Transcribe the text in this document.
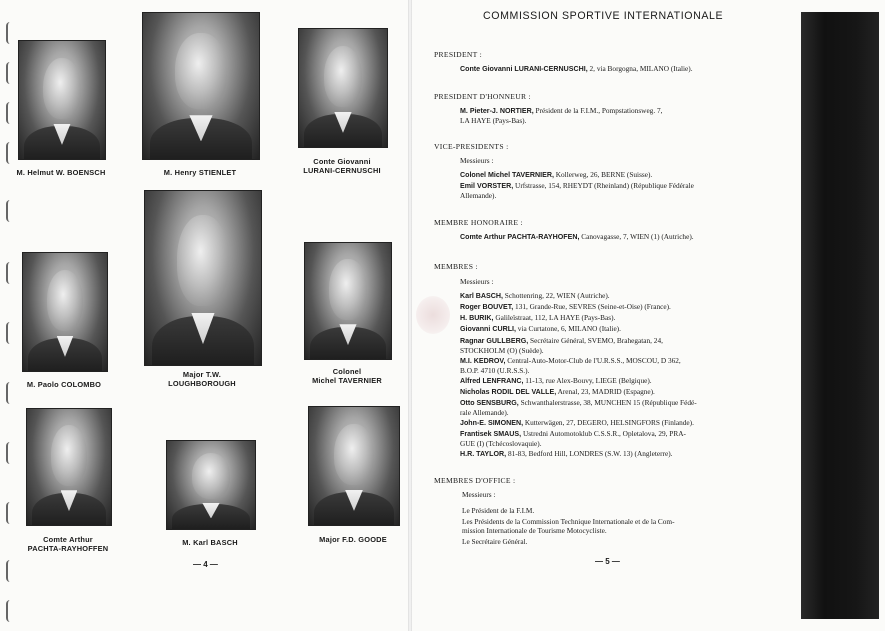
M. Helmut W. BOENSCH	M. Henry STIENLET
Conte Giovanni
LURANI-CERNUSCHI
M. Paolo COLOMBO
Major T.W.
LOUGHBOROUGH
Colonel
Michel TAVERNIER
Comte Arthur
PACHTA-RAYHOFFEN
M. Karl BASCH	Major F.D. GOODE
— 4 —
COMMISSION SPORTIVE INTERNATIONALE
PRESIDENT :
Conte Giovanni LURANI-CERNUSCHI, 2, via Borgogna, MILANO (Italie).
PRESIDENT D'HONNEUR :
M. Pieter-J. NORTIER, Président de la F.I.M., Pompstationsweg. 7,
LA HAYE (Pays-Bas).
VICE-PRESIDENTS :
Messieurs :
Colonel Michel TAVERNIER, Kollerweg, 26, BERNE (Suisse).
Emil VORSTER, Urfstrasse, 154, RHEYDT (Rheinland) (République Fédérale
Allemande).
MEMBRE HONORAIRE :
Comte Arthur PACHTA-RAYHOFEN, Canovagasse, 7, WIEN (1) (Autriche).
MEMBRES :
Messieurs :
Karl BASCH, Schottenring, 22, WIEN (Autriche).
Roger BOUVET, 131, Grande-Rue, SEVRES (Seine-et-Oise) (France).
H. BURIK, Galileïstraat, 112, LA HAYE (Pays-Bas).
Giovanni CURLI, via Curtatone, 6, MILANO (Italie).
Ragnar GULLBERG, Secrétaire Général, SVEMO, Brahegatan, 24,
STOCKHOLM (O) (Suède).
M.I. KEDROV, Central-Auto-Motor-Club de l'U.R.S.S., MOSCOU, D 362,
B.O.P. 4710 (U.R.S.S.).
Alfred LENFRANC, 11-13, rue Alex-Bouvy, LIEGE (Belgique).
Nicholas RODIL DEL VALLE, Arenal, 23, MADRID (Espagne).
Otto SENSBURG, Schwanthalerstrasse, 38, MUNCHEN 15 (République Fédé-
rale Allemande).
John-E. SIMONEN, Kutterwägen, 27, DEGERO, HELSINGFORS (Finlande).
Frantisek SMAUS, Ustredni Automotoklub C.S.S.R., Opletalova, 29, PRA-
GUE (I) (Tchécoslovaquie).
H.R. TAYLOR, 81-83, Bedford Hill, LONDRES (S.W. 13) (Angleterre).
MEMBRES D'OFFICE :
Messieurs :
Le Président de la F.I.M.
Les Présidents de la Commission Technique Internationale et de la Com-
mission Internationale de Tourisme Motocycliste.
Le Secrétaire Général.
— 5 —
